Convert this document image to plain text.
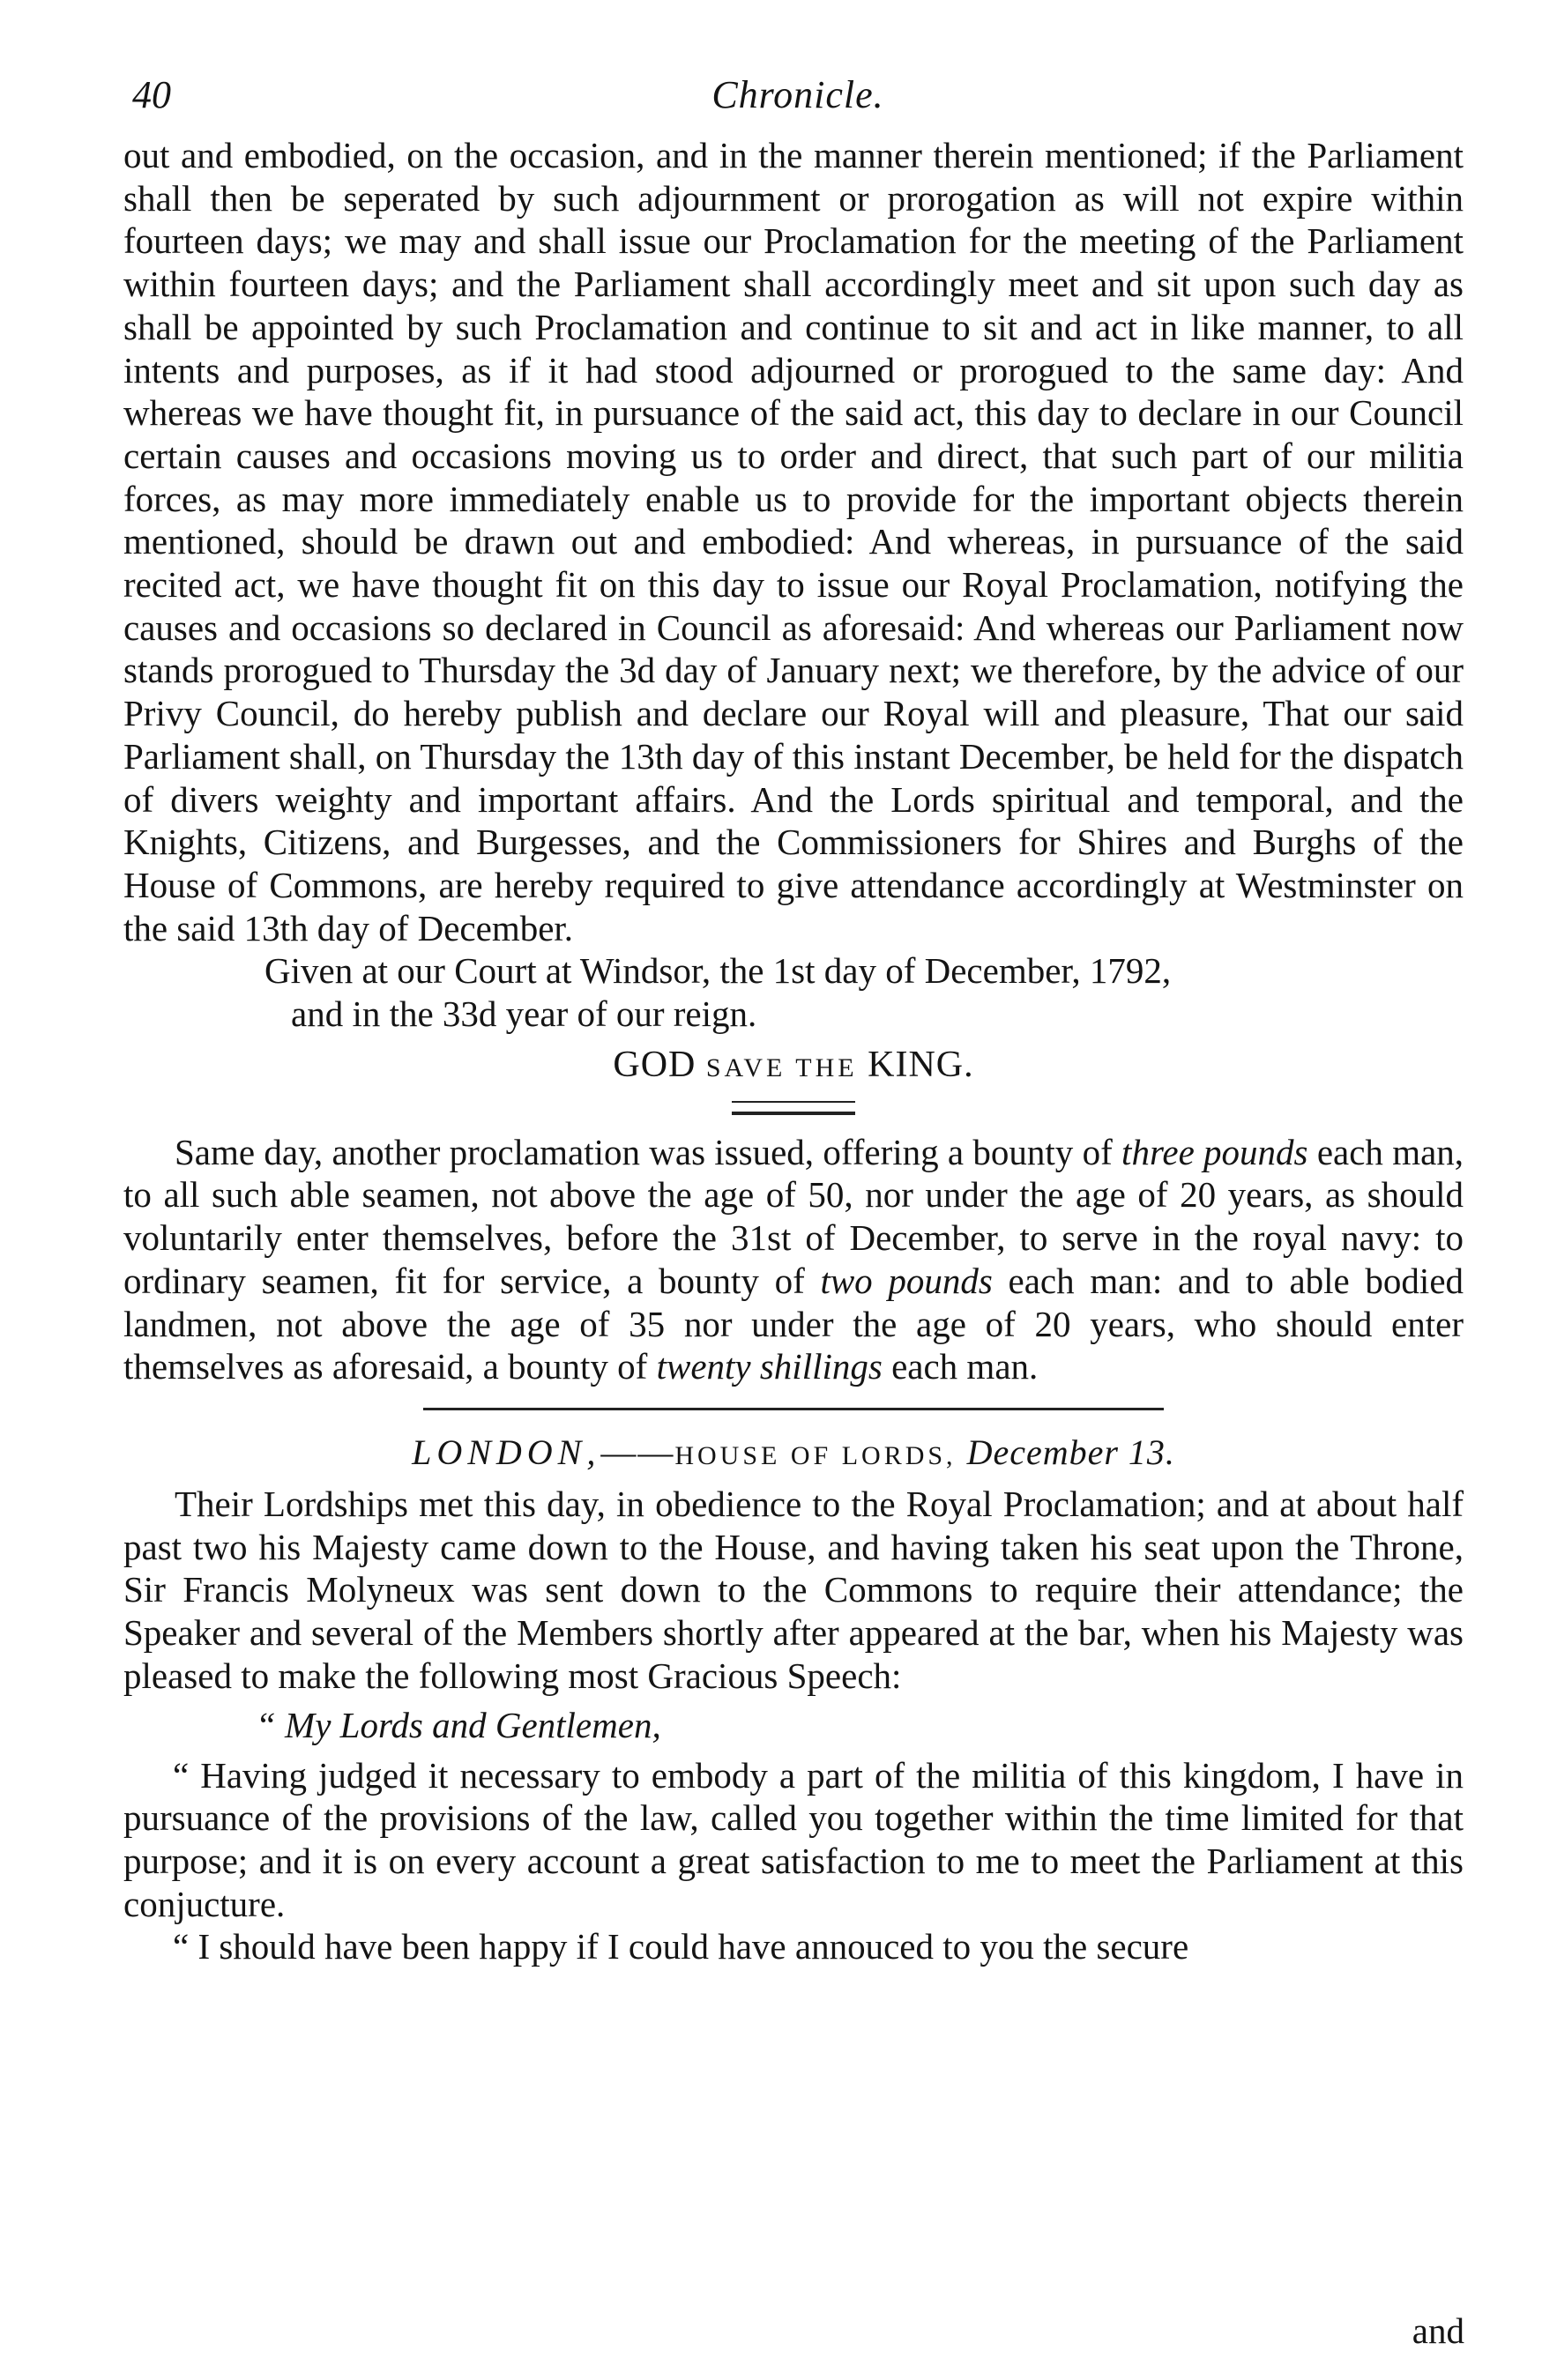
40	Chronicle.

out and embodied, on the occasion, and in the manner therein mentioned; if the Parliament shall then be seperated by such adjournment or prorogation as will not expire within fourteen days; we may and shall issue our Proclamation for the meeting of the Parliament within fourteen days; and the Parliament shall accordingly meet and sit upon such day as shall be appointed by such Proclamation and continue to sit and act in like manner, to all intents and purposes, as if it had stood adjourned or prorogued to the same day: And whereas we have thought fit, in pursuance of the said act, this day to declare in our Council certain causes and occasions moving us to order and direct, that such part of our militia forces, as may more immediately enable us to provide for the important objects therein mentioned, should be drawn out and embodied: And whereas, in pursuance of the said recited act, we have thought fit on this day to issue our Royal Proclamation, notifying the causes and occasions so declared in Council as aforesaid: And whereas our Parliament now stands prorogued to Thursday the 3d day of January next; we therefore, by the advice of our Privy Council, do hereby publish and declare our Royal will and pleasure, That our said Parliament shall, on Thursday the 13th day of this instant December, be held for the dispatch of divers weighty and important affairs. And the Lords spiritual and temporal, and the Knights, Citizens, and Burgesses, and the Commissioners for Shires and Burghs of the House of Commons, are hereby required to give attendance accordingly at Westminster on the said 13th day of December.

Given at our Court at Windsor, the 1st day of December, 1792,
and in the 33d year of our reign.

GOD SAVE THE KING.

Same day, another proclamation was issued, offering a bounty of three pounds each man, to all such able seamen, not above the age of 50, nor under the age of 20 years, as should voluntarily enter themselves, before the 31st of December, to serve in the royal navy: to ordinary seamen, fit for service, a bounty of two pounds each man: and to able bodied landmen, not above the age of 35 nor under the age of 20 years, who should enter themselves as aforesaid, a bounty of twenty shillings each man.

LONDON,——HOUSE OF LORDS, December 13.

Their Lordships met this day, in obedience to the Royal Proclamation; and at about half past two his Majesty came down to the House, and having taken his seat upon the Throne, Sir Francis Molyneux was sent down to the Commons to require their attendance; the Speaker and several of the Members shortly after appeared at the bar, when his Majesty was pleased to make the following most Gracious Speech:

“ My Lords and Gentlemen,

“ Having judged it necessary to embody a part of the militia of this kingdom, I have in pursuance of the provisions of the law, called you together within the time limited for that purpose; and it is on every account a great satisfaction to me to meet the Parliament at this conjucture.

“ I should have been happy if I could have annouced to you the secure

and
